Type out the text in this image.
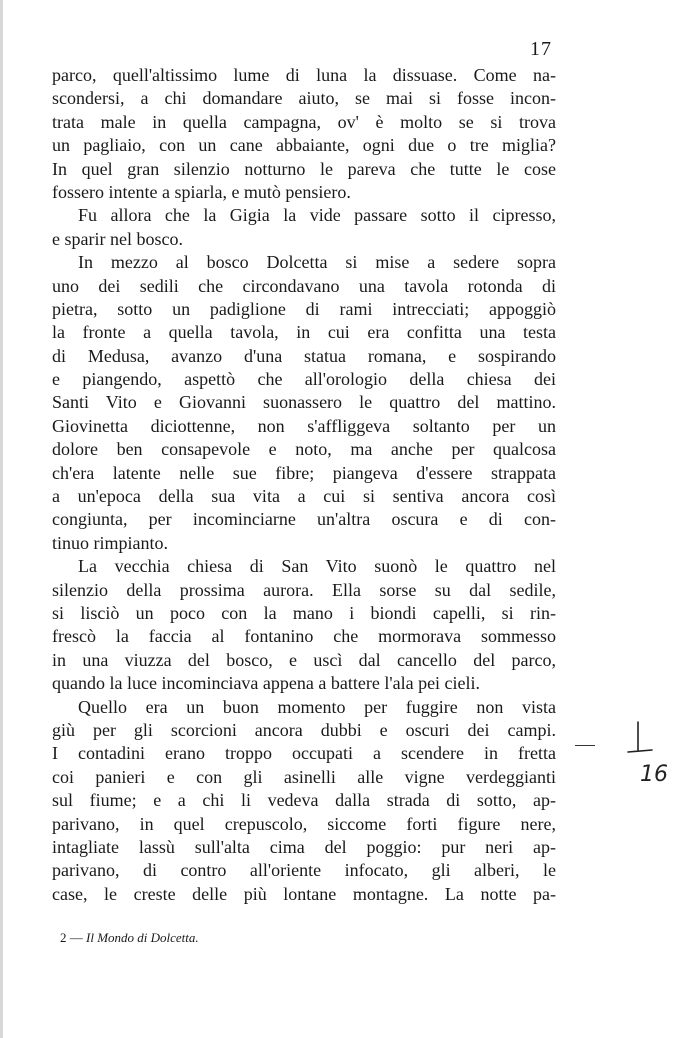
17
parco, quell'altissimo lume di luna la dissuase. Come na-
scondersi, a chi domandare aiuto, se mai si fosse incon-
trata male in quella campagna, ov' è molto se si trova
un pagliaio, con un cane abbaiante, ogni due o tre miglia?
In quel gran silenzio notturno le pareva che tutte le cose
fossero intente a spiarla, e mutò pensiero.
Fu allora che la Gigia la vide passare sotto il cipresso,
e sparir nel bosco.
In mezzo al bosco Dolcetta si mise a sedere sopra
uno dei sedili che circondavano una tavola rotonda di
pietra, sotto un padiglione di rami intrecciati; appoggiò
la fronte a quella tavola, in cui era confitta una testa
di Medusa, avanzo d'una statua romana, e sospirando
e piangendo, aspettò che all'orologio della chiesa dei
Santi Vito e Giovanni suonassero le quattro del mattino.
Giovinetta diciottenne, non s'affliggeva soltanto per un
dolore ben consapevole e noto, ma anche per qualcosa
ch'era latente nelle sue fibre; piangeva d'essere strappata
a un'epoca della sua vita a cui si sentiva ancora così
congiunta, per incominciarne un'altra oscura e di con-
tinuo rimpianto.
La vecchia chiesa di San Vito suonò le quattro nel
silenzio della prossima aurora. Ella sorse su dal sedile,
si lisciò un poco con la mano i biondi capelli, si rin-
frescò la faccia al fontanino che mormorava sommesso
in una viuzza del bosco, e uscì dal cancello del parco,
quando la luce incominciava appena a battere l'ala pei cieli.
Quello era un buon momento per fuggire non vista
giù per gli scorcioni ancora dubbi e oscuri dei campi.
I contadini erano troppo occupati a scendere in fretta
coi panieri e con gli asinelli alle vigne verdeggianti
sul fiume; e a chi li vedeva dalla strada di sotto, ap-
parivano, in quel crepuscolo, siccome forti figure nere,
intagliate lassù sull'alta cima del poggio: pur neri ap-
parivano, di contro all'oriente infocato, gli alberi, le
case, le creste delle più lontane montagne. La notte pa-
16
2 — Il Mondo di Dolcetta.
